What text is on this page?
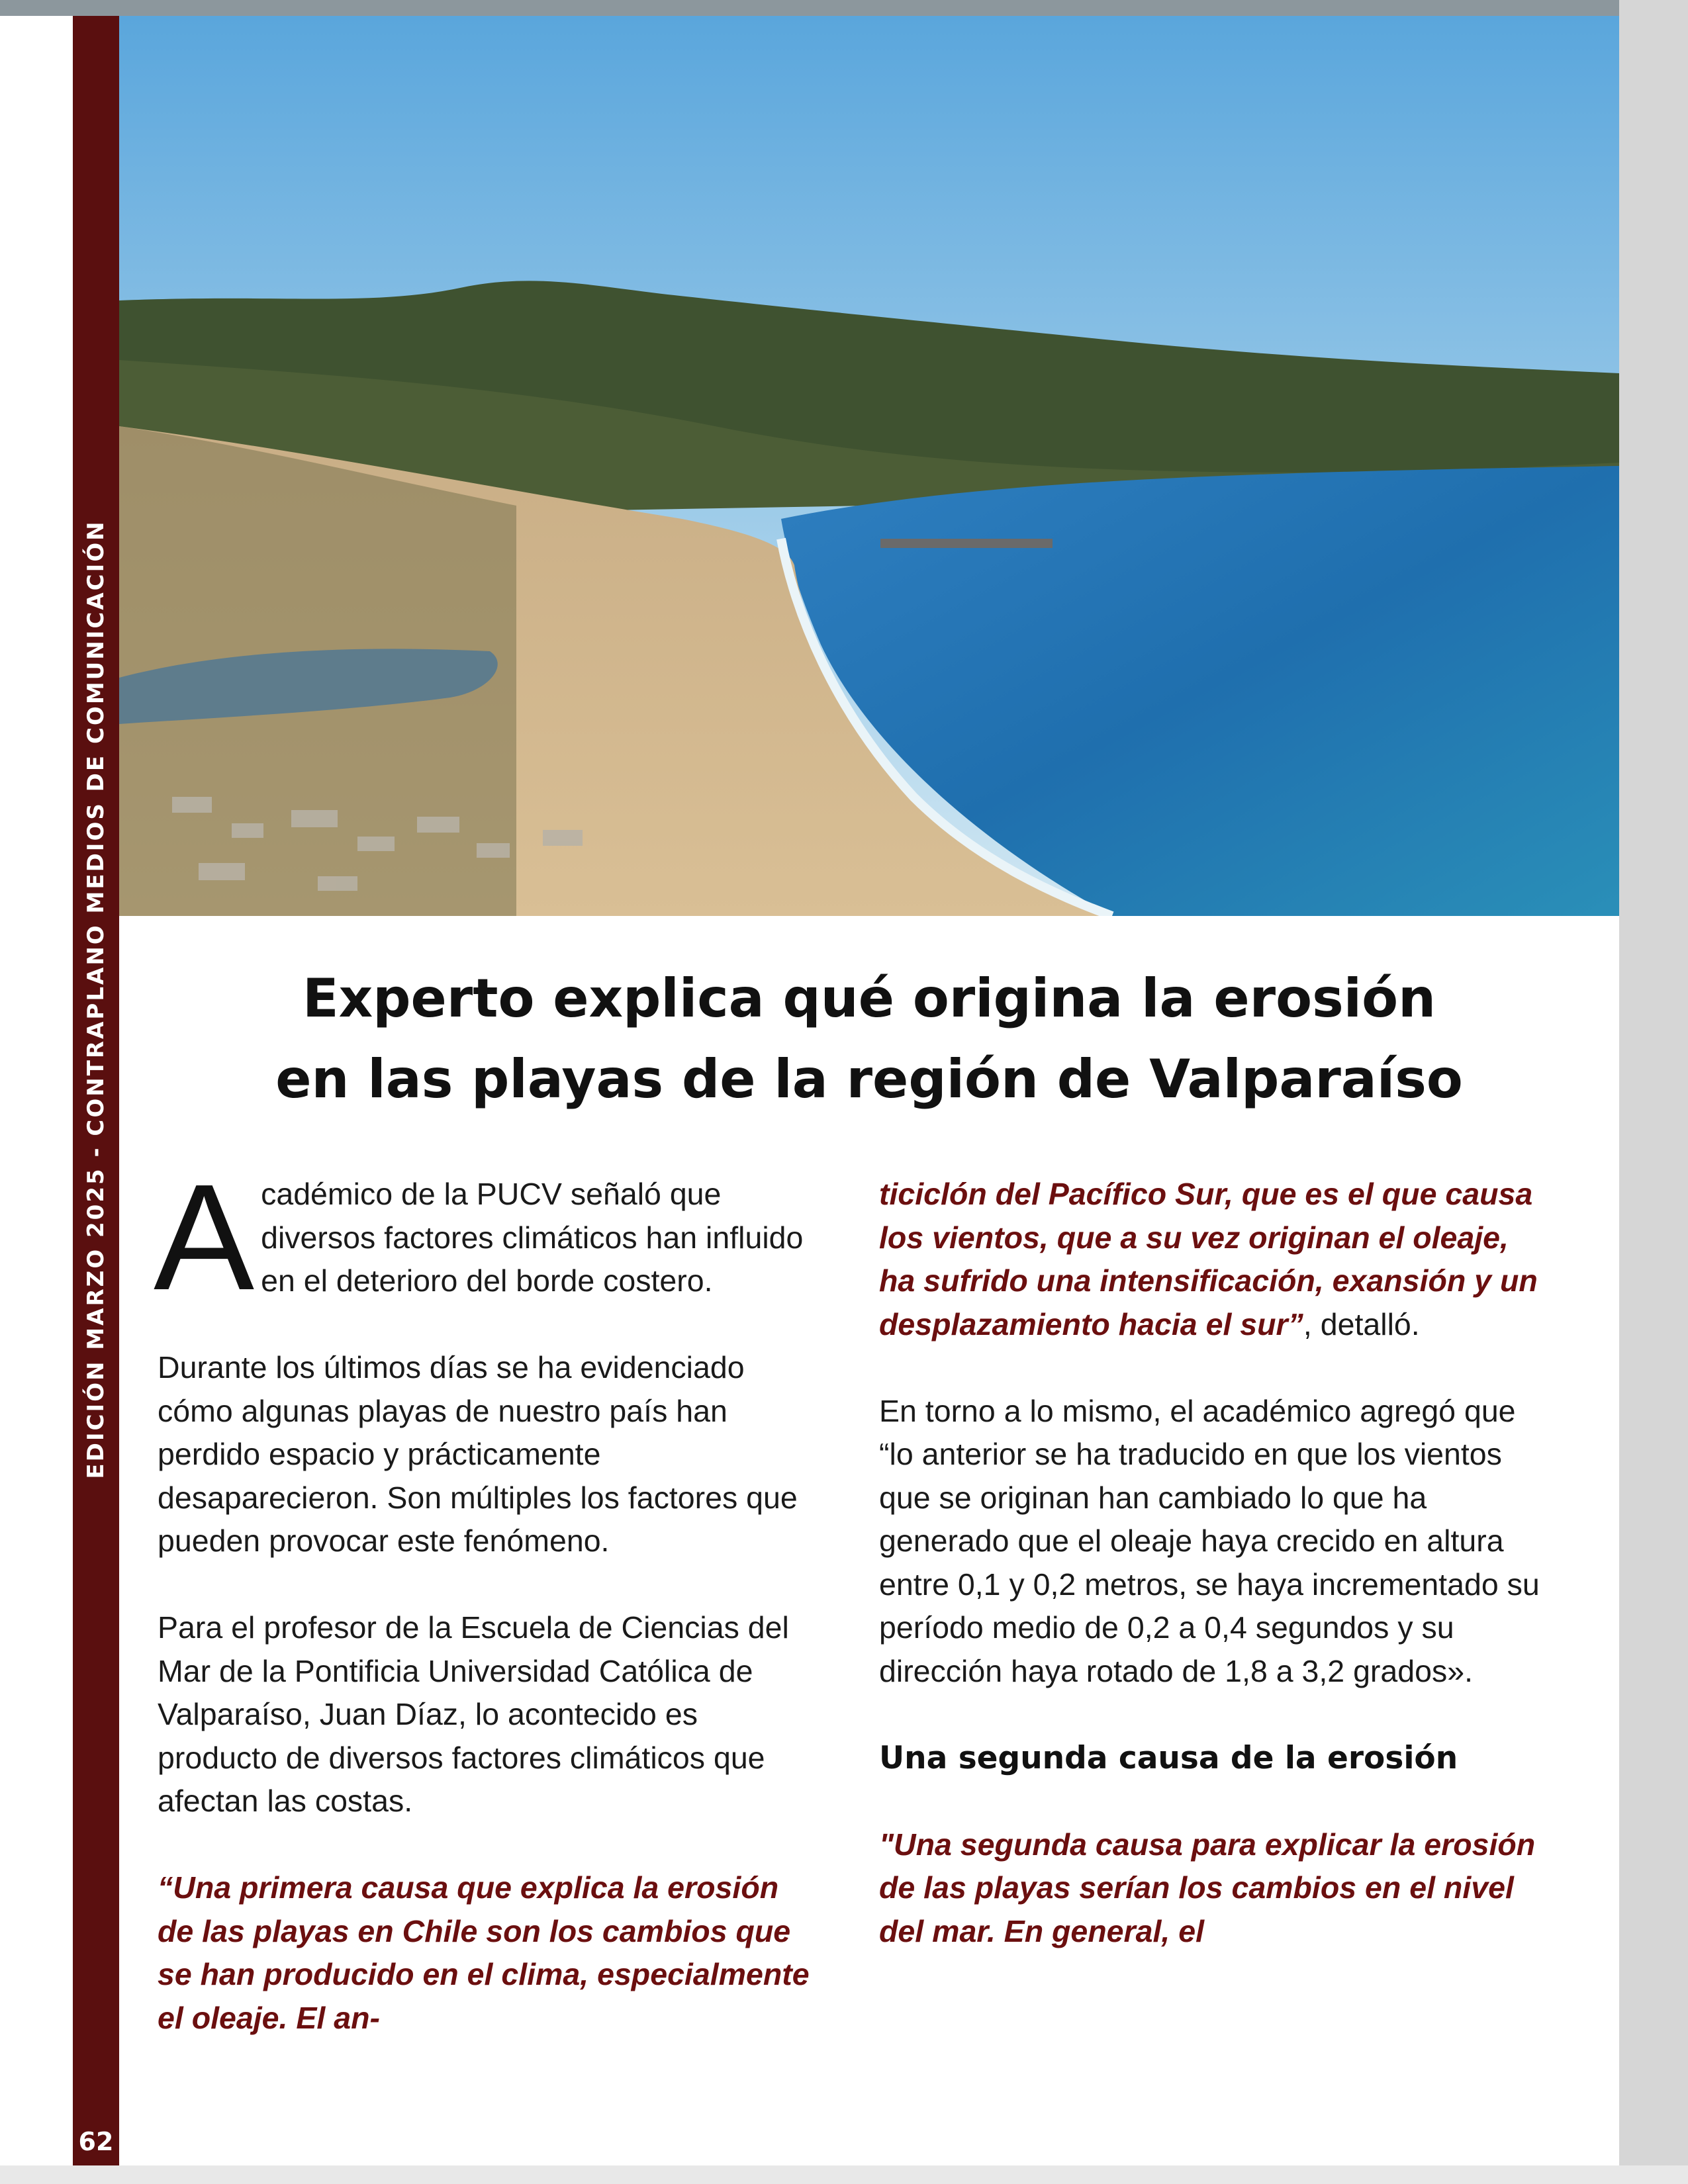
EDICIÓN MARZO 2025 - CONTRAPLANO MEDIOS DE COMUNICACIÓN
62
Experto explica qué origina la erosión
en las playas de la región de Valparaíso

Académico de la PUCV señaló que diversos factores climáticos han influido en el deterioro del borde costero.

Durante los últimos días se ha evidenciado cómo algunas playas de nuestro país han perdido espacio y prácticamente desaparecieron. Son múltiples los factores que pueden provocar este fenómeno.

Para el profesor de la Escuela de Ciencias del Mar de la Pontificia Universidad Católica de Valparaíso, Juan Díaz, lo acontecido es producto de diversos factores climáticos que afectan las costas.

“Una primera causa que explica la erosión de las playas en Chile son los cambios que se han producido en el clima, especialmente el oleaje. El an-

ticiclón del Pacífico Sur, que es el que causa los vientos, que a su vez originan el oleaje, ha sufrido una intensificación, exansión y un desplazamiento hacia el sur”, detalló.

En torno a lo mismo, el académico agregó que “lo anterior se ha traducido en que los vientos que se originan han cambiado lo que ha generado que el oleaje haya crecido en altura entre 0,1 y 0,2 metros, se haya incrementado su período medio de 0,2 a 0,4 segundos y su dirección haya rotado de 1,8 a 3,2 grados».

Una segunda causa de la erosión

"Una segunda causa para explicar la erosión de las playas serían los cambios en el nivel del mar. En general, el
